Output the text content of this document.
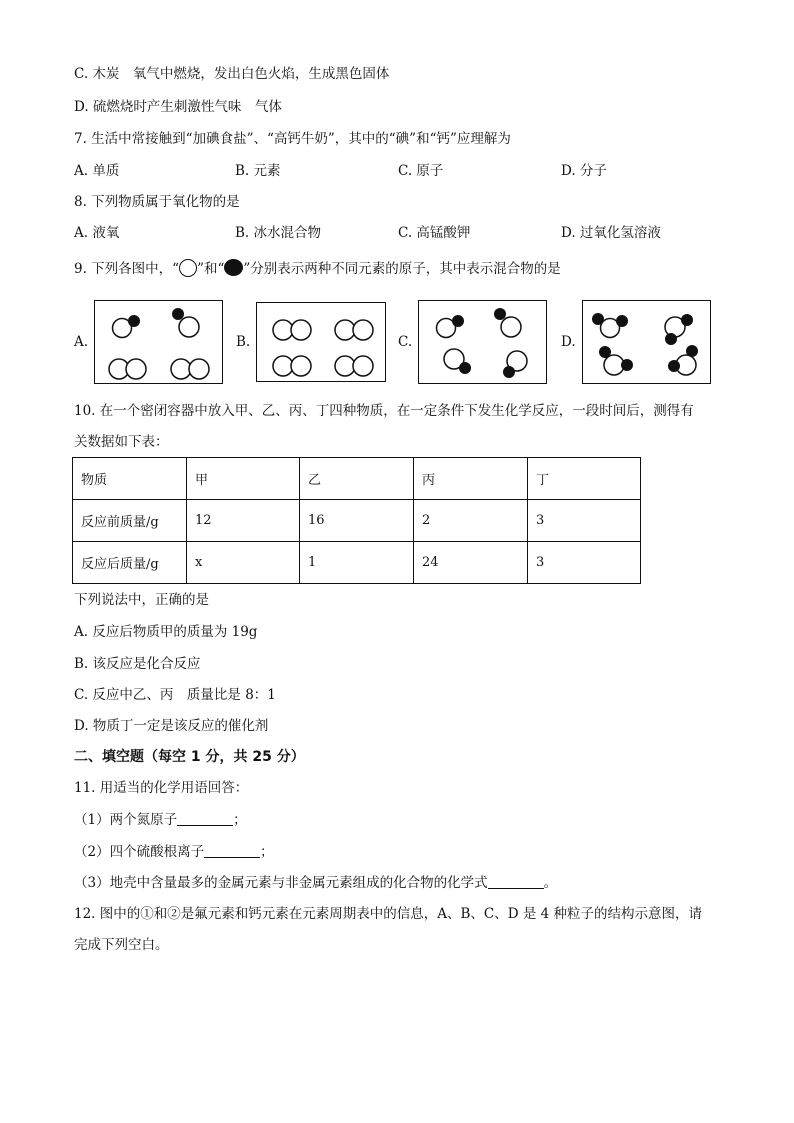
C. 木炭　氧气中燃烧，发出白色火焰，生成黑色固体
D. 硫燃烧时产生刺激性气味　气体
7. 生活中常接触到“加碘食盐”、“高钙牛奶”，其中的“碘”和“钙”应理解为
A. 单质	B. 元素	C. 原子	D. 分子
8. 下列物质属于氧化物的是
A. 液氧	B. 冰水混合物	C. 高锰酸钾	D. 过氧化氢溶液
9. 下列各图中，“ ”和“ ”分别表示两种不同元素的原子，其中表示混合物的是
A.	B.	C.	D.
10. 在一个密闭容器中放入甲、乙、丙、丁四种物质，在一定条件下发生化学反应，一段时间后，测得有
关数据如下表：
物质	甲	乙	丙	丁
反应前质量/g	12	16	2	3
反应后质量/g	x	1	24	3
下列说法中，正确的是
A. 反应后物质甲的质量为 19g
B. 该反应是化合反应
C. 反应中乙、丙　质量比是 8：1
D. 物质丁一定是该反应的催化剂
二、填空题（每空 1 分，共 25 分）
11. 用适当的化学用语回答：
（1）两个氮原子	；
（2）四个硫酸根离子	；
（3）地壳中含量最多的金属元素与非金属元素组成的化合物的化学式	。
12. 图中的①和②是氟元素和钙元素在元素周期表中的信息，A、B、C、D 是 4 种粒子的结构示意图，请
完成下列空白。
